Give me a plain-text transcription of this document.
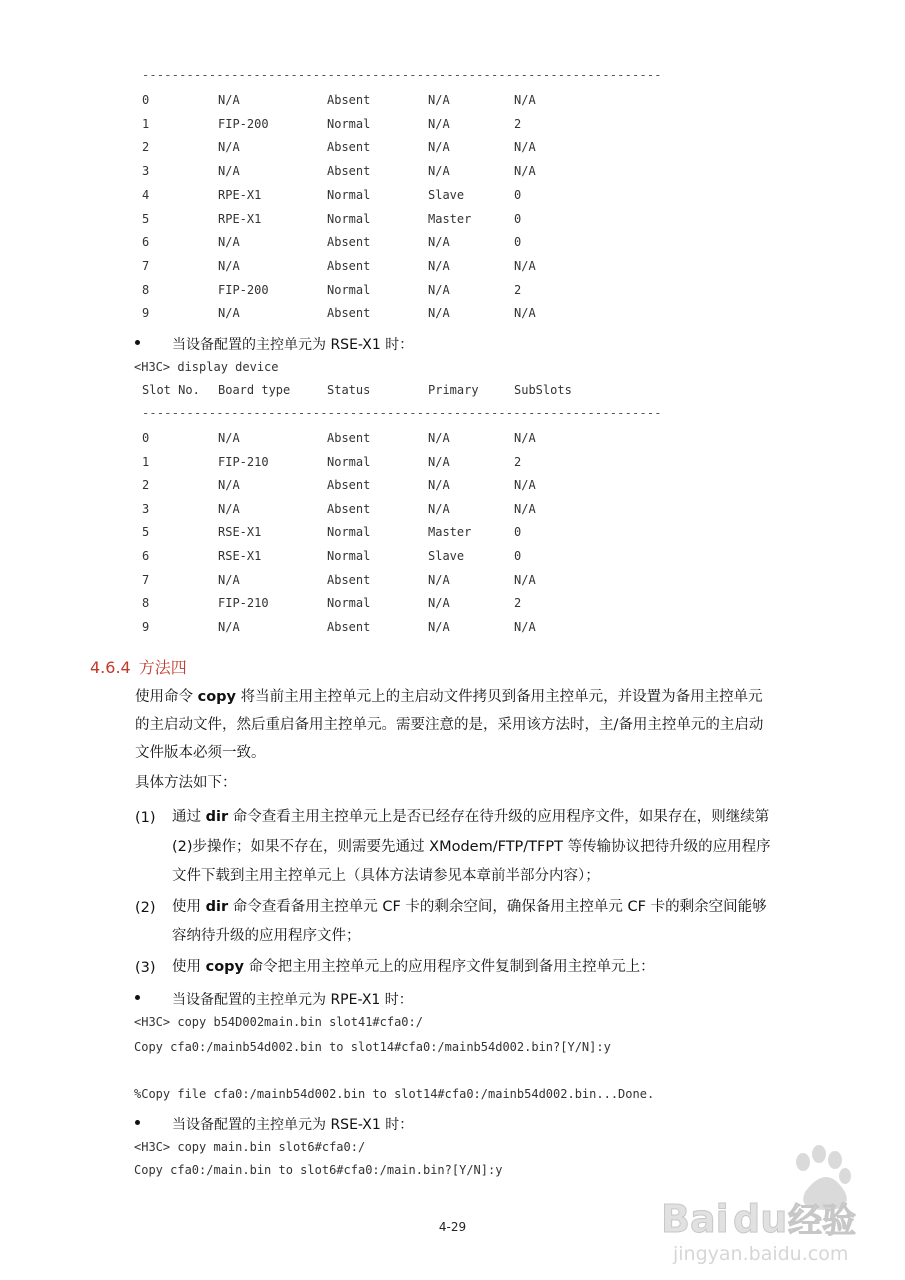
----------------------------------------------------------------------
0	N/A	Absent	N/A	N/A
1	FIP-200	Normal	N/A	2
2	N/A	Absent	N/A	N/A
3	N/A	Absent	N/A	N/A
4	RPE-X1	Normal	Slave	0
5	RPE-X1	Normal	Master	0
6	N/A	Absent	N/A	0
7	N/A	Absent	N/A	N/A
8	FIP-200	Normal	N/A	2
9	N/A	Absent	N/A	N/A
当设备配置的主控单元为 RSE-X1 时：
<H3C> display device
Slot No. Board type	Status	Primary	SubSlots
----------------------------------------------------------------------
0	N/A	Absent	N/A	N/A
1	FIP-210	Normal	N/A	2
2	N/A	Absent	N/A	N/A
3	N/A	Absent	N/A	N/A
5	RSE-X1	Normal	Master	0
6	RSE-X1	Normal	Slave	0
7	N/A	Absent	N/A	N/A
8	FIP-210	Normal	N/A	2
9	N/A	Absent	N/A	N/A
4.6.4 方法四
使用命令 copy 将当前主用主控单元上的主启动文件拷贝到备用主控单元，并设置为备用主控单元
的主启动文件，然后重启备用主控单元。需要注意的是，采用该方法时，主/备用主控单元的主启动
文件版本必须一致。
具体方法如下：
(1) 通过 dir 命令查看主用主控单元上是否已经存在待升级的应用程序文件，如果存在，则继续第
(2)步操作；如果不存在，则需要先通过 XModem/FTP/TFPT 等传输协议把待升级的应用程序
文件下载到主用主控单元上（具体方法请参见本章前半部分内容）；
(2) 使用 dir 命令查看备用主控单元 CF 卡的剩余空间，确保备用主控单元 CF 卡的剩余空间能够
容纳待升级的应用程序文件；
(3) 使用 copy 命令把主用主控单元上的应用程序文件复制到备用主控单元上：
当设备配置的主控单元为 RPE-X1 时：
<H3C> copy b54D002main.bin slot41#cfa0:/
Copy cfa0:/mainb54d002.bin to slot14#cfa0:/mainb54d002.bin?[Y/N]:y
%Copy file cfa0:/mainb54d002.bin to slot14#cfa0:/mainb54d002.bin...Done.
当设备配置的主控单元为 RSE-X1 时：
<H3C> copy main.bin slot6#cfa0:/
Copy cfa0:/main.bin to slot6#cfa0:/main.bin?[Y/N]:y
4-29	Bai du 经验
jingyan.baidu.com
